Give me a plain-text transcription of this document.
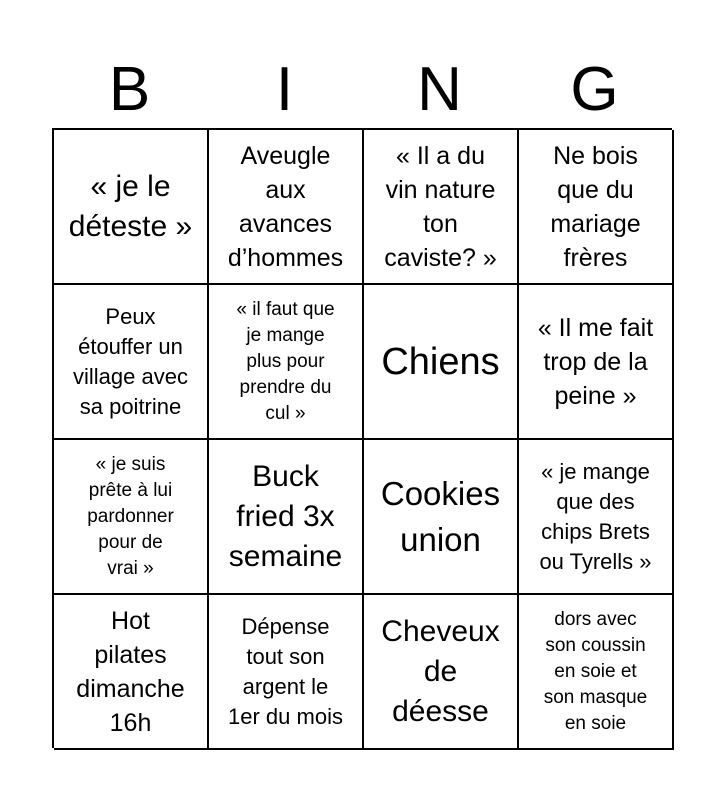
B	I	N	G
« je le
déteste »
Aveugle
aux
avances
d’hommes
« Il a du
vin nature
ton
caviste? »
Ne bois
que du
mariage
frères
Peux
étouffer un
village avec
sa poitrine
« il faut que
je mange
plus pour
prendre du
cul »
Chiens
« Il me fait
trop de la
peine »
« je suis
prête à lui
pardonner
pour de
vrai »
Buck
fried 3x
semaine
Cookies
union
« je mange
que des
chips Brets
ou Tyrells »
Hot
pilates
dimanche
16h
Dépense
tout son
argent le
1er du mois
Cheveux
de
déesse
dors avec
son coussin
en soie et
son masque
en soie
